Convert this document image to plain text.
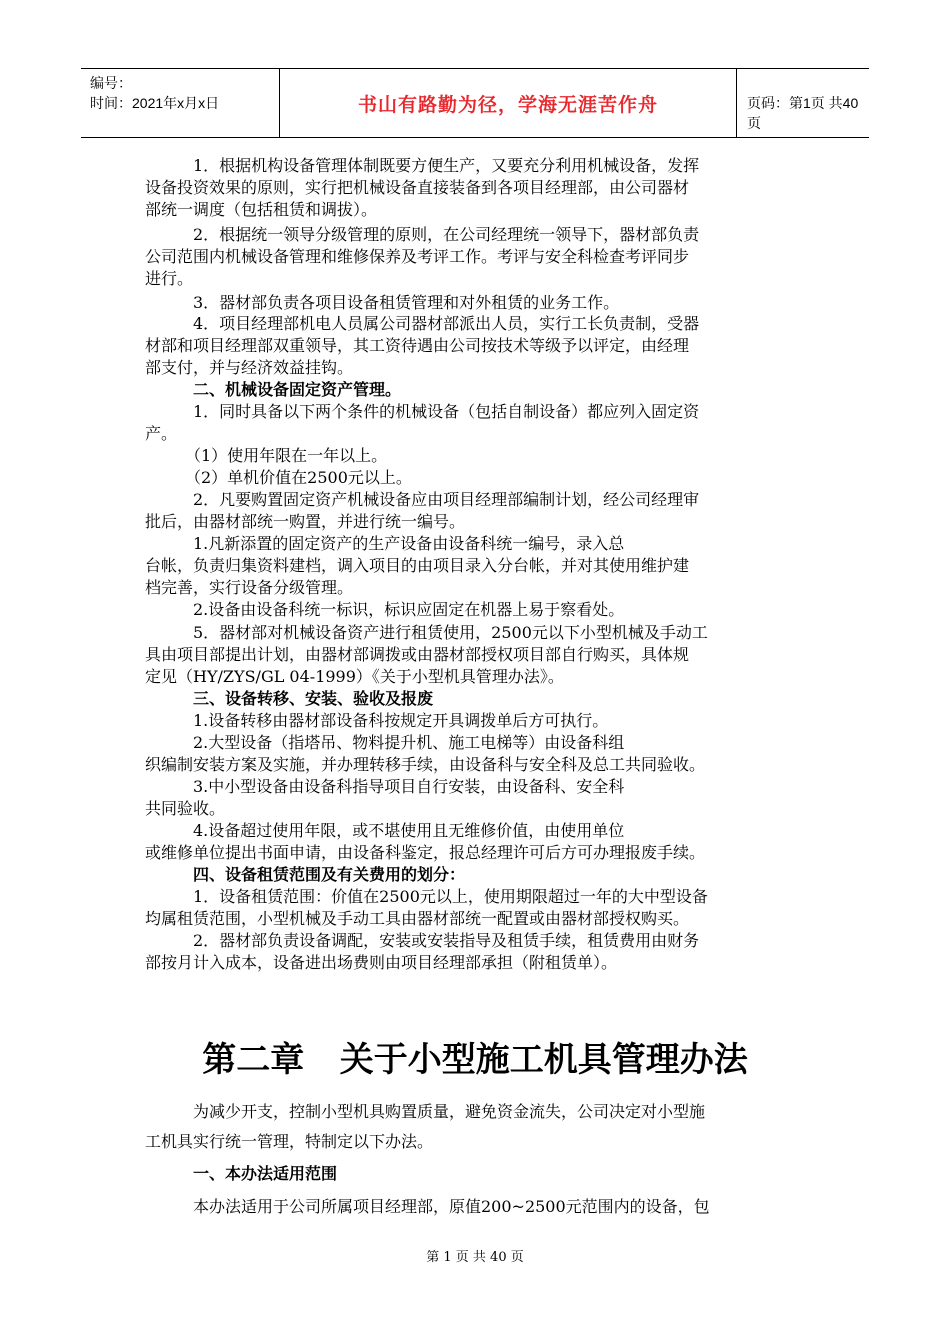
编号：
时间：2021年x月x日	书山有路勤为径，学海无涯苦作舟	页码：第1页 共40页
1．根据机构设备管理体制既要方便生产，又要充分利用机械设备，发挥
设备投资效果的原则，实行把机械设备直接装备到各项目经理部，由公司器材
部统一调度（包括租赁和调拔）。
2．根据统一领导分级管理的原则，在公司经理统一领导下，器材部负责
公司范围内机械设备管理和维修保养及考评工作。考评与安全科检查考评同步
进行。
3．器材部负责各项目设备租赁管理和对外租赁的业务工作。
4．项目经理部机电人员属公司器材部派出人员，实行工长负责制，受器
材部和项目经理部双重领导，其工资待遇由公司按技术等级予以评定，由经理
部支付，并与经济效益挂钩。
二、机械设备固定资产管理。
1．同时具备以下两个条件的机械设备（包括自制设备）都应列入固定资
产。
（1）使用年限在一年以上。
（2）单机价值在2500元以上。
2．凡要购置固定资产机械设备应由项目经理部编制计划，经公司经理审
批后，由器材部统一购置，并进行统一编号。
1.凡新添置的固定资产的生产设备由设备科统一编号，录入总
台帐，负责归集资料建档，调入项目的由项目录入分台帐，并对其使用维护建
档完善，实行设备分级管理。
2.设备由设备科统一标识，标识应固定在机器上易于察看处。
5．器材部对机械设备资产进行租赁使用，2500元以下小型机械及手动工
具由项目部提出计划，由器材部调拨或由器材部授权项目部自行购买，具体规
定见（HY/ZYS/GL 04-1999）《关于小型机具管理办法》。
三、设备转移、安装、验收及报废
1.设备转移由器材部设备科按规定开具调拨单后方可执行。
2.大型设备（指塔吊、物料提升机、施工电梯等）由设备科组
织编制安装方案及实施，并办理转移手续，由设备科与安全科及总工共同验收。
3.中小型设备由设备科指导项目自行安装，由设备科、安全科
共同验收。
4.设备超过使用年限，或不堪使用且无维修价值，由使用单位
或维修单位提出书面申请，由设备科鉴定，报总经理许可后方可办理报废手续。
四、设备租赁范围及有关费用的划分：
1．设备租赁范围：价值在2500元以上，使用期限超过一年的大中型设备
均属租赁范围，小型机械及手动工具由器材部统一配置或由器材部授权购买。
2．器材部负责设备调配，安装或安装指导及租赁手续，租赁费用由财务
部按月计入成本，设备进出场费则由项目经理部承担（附租赁单）。
第二章   关于小型施工机具管理办法
为减少开支，控制小型机具购置质量，避免资金流失，公司决定对小型施
工机具实行统一管理，特制定以下办法。
一、本办法适用范围
本办法适用于公司所属项目经理部，原值200~2500元范围内的设备，包
第 1 页 共 40 页
